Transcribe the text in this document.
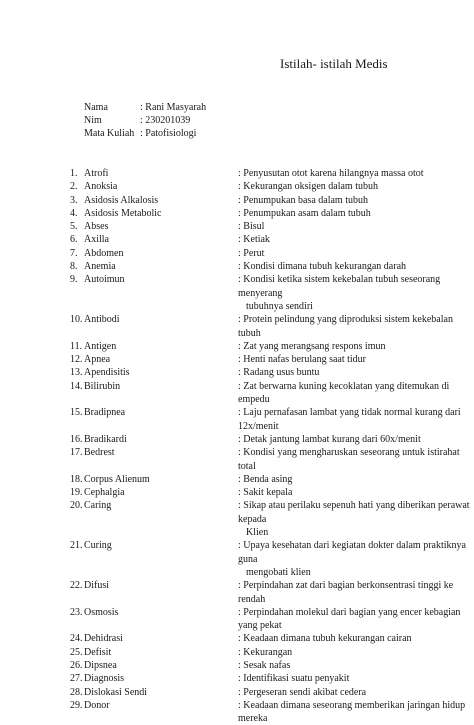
Istilah- istilah Medis
Nama	: Rani Masyarah
Nim	: 230201039
Mata Kuliah : Patofisiologi
1. Atrofi	: Penyusutan otot karena hilangnya massa otot
2. Anoksia	: Kekurangan oksigen dalam tubuh
3. Asidosis Alkalosis	: Penumpukan basa dalam tubuh
4. Asidosis Metabolic	: Penumpukan asam dalam tubuh
5. Abses	: Bisul
6. Axilla	: Ketiak
7. Abdomen	: Perut
8. Anemia	: Kondisi dimana tubuh kekurangan darah
9. Autoimun	: Kondisi ketika sistem kekebalan tubuh seseorang menyerang
tubuhnya sendiri
10. Antibodi	: Protein pelindung yang diproduksi sistem kekebalan tubuh
11. Antigen	: Zat yang merangsang respons imun
12. Apnea	: Henti nafas berulang saat tidur
13. Apendisitis	: Radang usus buntu
14. Bilirubin	: Zat berwarna kuning kecoklatan yang ditemukan di empedu
15. Bradipnea	: Laju pernafasan lambat yang tidak normal kurang dari 12x/menit
16. Bradikardi	: Detak jantung lambat kurang dari 60x/menit
17. Bedrest	: Kondisi yang mengharuskan seseorang untuk istirahat total
18. Corpus Alienum	: Benda asing
19. Cephalgia	: Sakit kepala
20. Caring	: Sikap atau perilaku sepenuh hati yang diberikan perawat kepada
Klien
21. Curing	: Upaya kesehatan dari kegiatan dokter dalam praktiknya guna
mengobati klien
22. Difusi	: Perpindahan zat dari bagian berkonsentrasi tinggi ke rendah
23. Osmosis	: Perpindahan molekul dari bagian yang encer kebagian yang pekat
24. Dehidrasi	: Keadaan dimana tubuh kekurangan cairan
25. Defisit	: Kekurangan
26. Dipsnea	: Sesak nafas
27. Diagnosis	: Identifikasi suatu penyakit
28. Dislokasi Sendi	: Pergeseran sendi akibat cedera
29. Donor	: Keadaan dimana seseorang memberikan jaringan hidup mereka
